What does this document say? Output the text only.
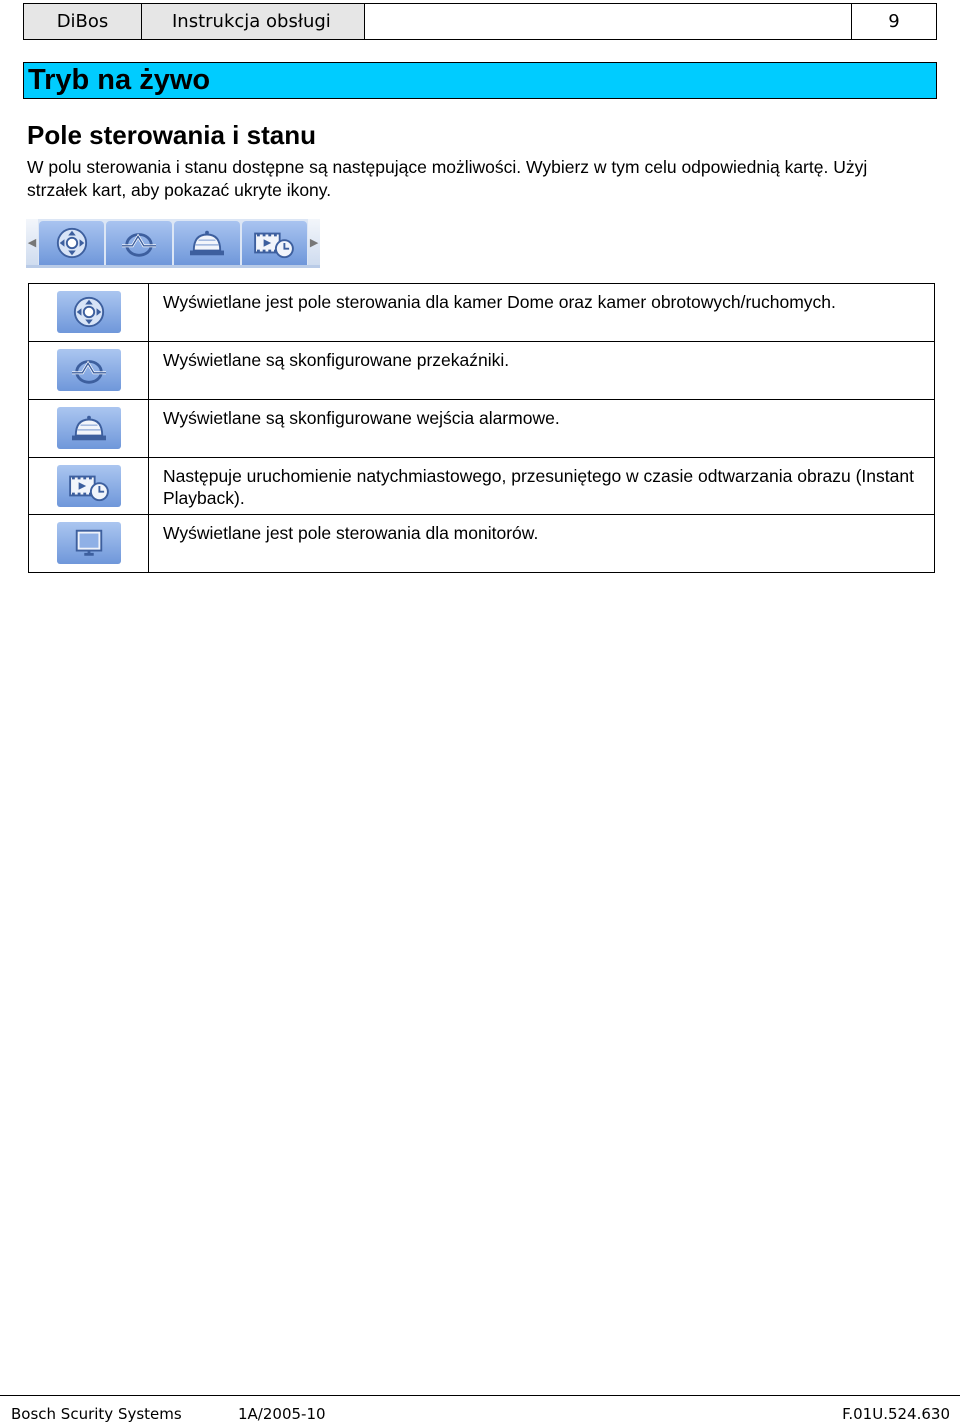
DiBos	Instrukcja obsługi	9
Tryb na żywo
Pole sterowania i stanu

W polu sterowania i stanu dostępne są następujące możliwości. Wybierz w tym celu odpowiednią kartę. Użyj strzałek kart, aby pokazać ukryte ikony.

◀	▶
	Wyświetlane jest pole sterowania dla kamer Dome oraz kamer obrotowych/ruchomych.

	Wyświetlane są skonfigurowane przekaźniki.

	Wyświetlane są skonfigurowane wejścia alarmowe.

	Następuje uruchomienie natychmiastowego, przesuniętego w czasie odtwarzania obrazu (Instant Playback).

	Wyświetlane jest pole sterowania dla monitorów.
Bosch Scurity Systems	1A/2005-10	F.01U.524.630
